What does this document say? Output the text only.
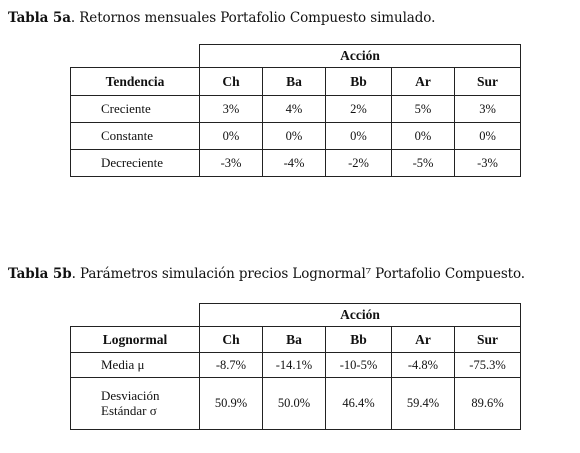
Tabla 5a. Retornos mensuales Portafolio Compuesto simulado.
	Acción				
Tendencia	Ch	Ba	Bb	Ar	Sur
Creciente	3%	4%	2%	5%	3%
Constante	0%	0%	0%	0%	0%
Decreciente	-3%	-4%	-2%	-5%	-3%
Tabla 5b. Parámetros simulación precios Lognormal⁷ Portafolio Compuesto.
	Acción				
Lognormal	Ch	Ba	Bb	Ar	Sur
Media μ	-8.7%	-14.1%	-10-5%	-4.8%	-75.3%

Desviación
Estándar σ	50.9%	50.0%	46.4%	59.4%	89.6%
